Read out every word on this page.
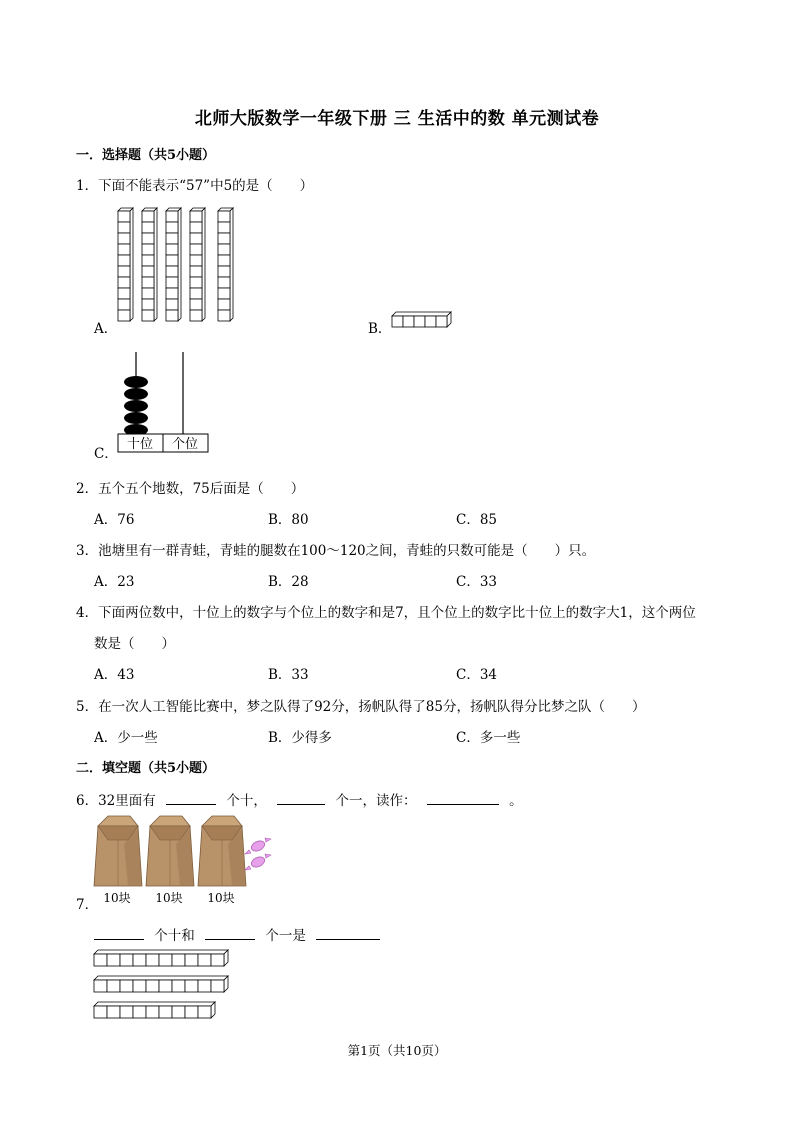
北师大版数学一年级下册 三 生活中的数 单元测试卷
一．选择题（共5小题）
1．下面不能表示“57”中5的是（　　）
A．	B．
C．
十位 个位
2．五个五个地数，75后面是（　　）
A．76	B．80	C．85
3．池塘里有一群青蛙，青蛙的腿数在100～120之间，青蛙的只数可能是（　　）只。
A．23	B．28	C．33
4．下面两位数中，十位上的数字与个位上的数字和是7，且个位上的数字比十位上的数字大1，这个两位
数是（　　）
A．43	B．33	C．34
5．在一次人工智能比赛中，梦之队得了92分，扬帆队得了85分，扬帆队得分比梦之队（　　）
A．少一些	B．少得多	C．多一些
二．填空题（共5小题）
6．32里面有	个十，	个一，读作：	。
7． 10块 10块 10块
个十和	个一是
第1页（共10页）
